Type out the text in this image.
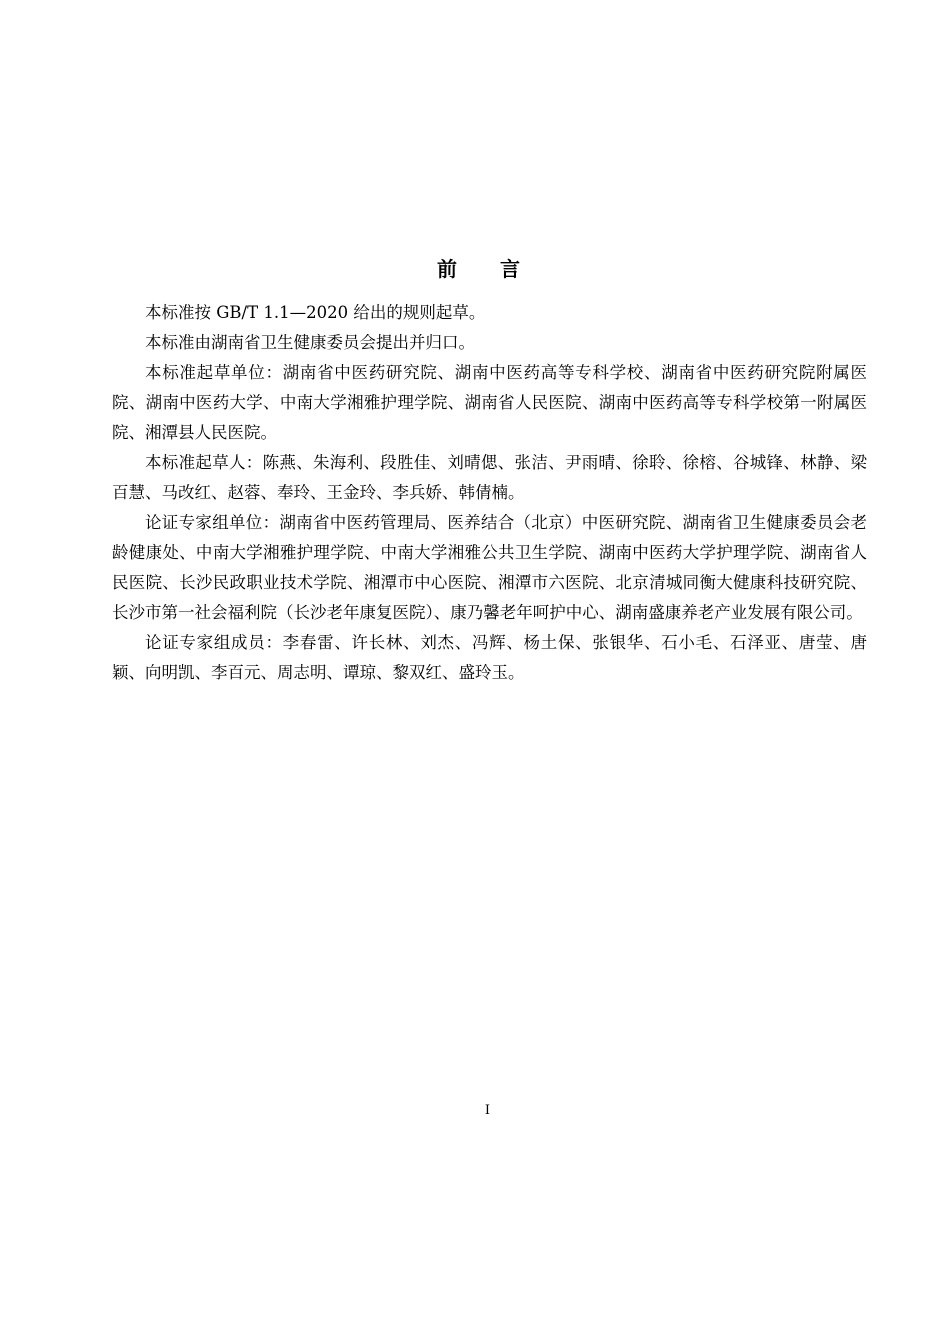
前 言

本标准按 GB/T 1.1—2020 给出的规则起草。

本标准由湖南省卫生健康委员会提出并归口。

本标准起草单位：湖南省中医药研究院、湖南中医药高等专科学校、湖南省中医药研究院附属医院、湖南中医药大学、中南大学湘雅护理学院、湖南省人民医院、湖南中医药高等专科学校第一附属医院、湘潭县人民医院。

本标准起草人：陈燕、朱海利、段胜佳、刘晴偲、张洁、尹雨晴、徐聆、徐榕、谷城锋、林静、梁百慧、马改红、赵蓉、奉玲、王金玲、李兵娇、韩倩楠。

论证专家组单位：湖南省中医药管理局、医养结合（北京）中医研究院、湖南省卫生健康委员会老龄健康处、中南大学湘雅护理学院、中南大学湘雅公共卫生学院、湖南中医药大学护理学院、湖南省人民医院、长沙民政职业技术学院、湘潭市中心医院、湘潭市六医院、北京清城同衡大健康科技研究院、长沙市第一社会福利院（长沙老年康复医院）、康乃馨老年呵护中心、湖南盛康养老产业发展有限公司。

论证专家组成员：李春雷、许长林、刘杰、冯辉、杨土保、张银华、石小毛、石泽亚、唐莹、唐颖、向明凯、李百元、周志明、谭琼、黎双红、盛玲玉。

I
